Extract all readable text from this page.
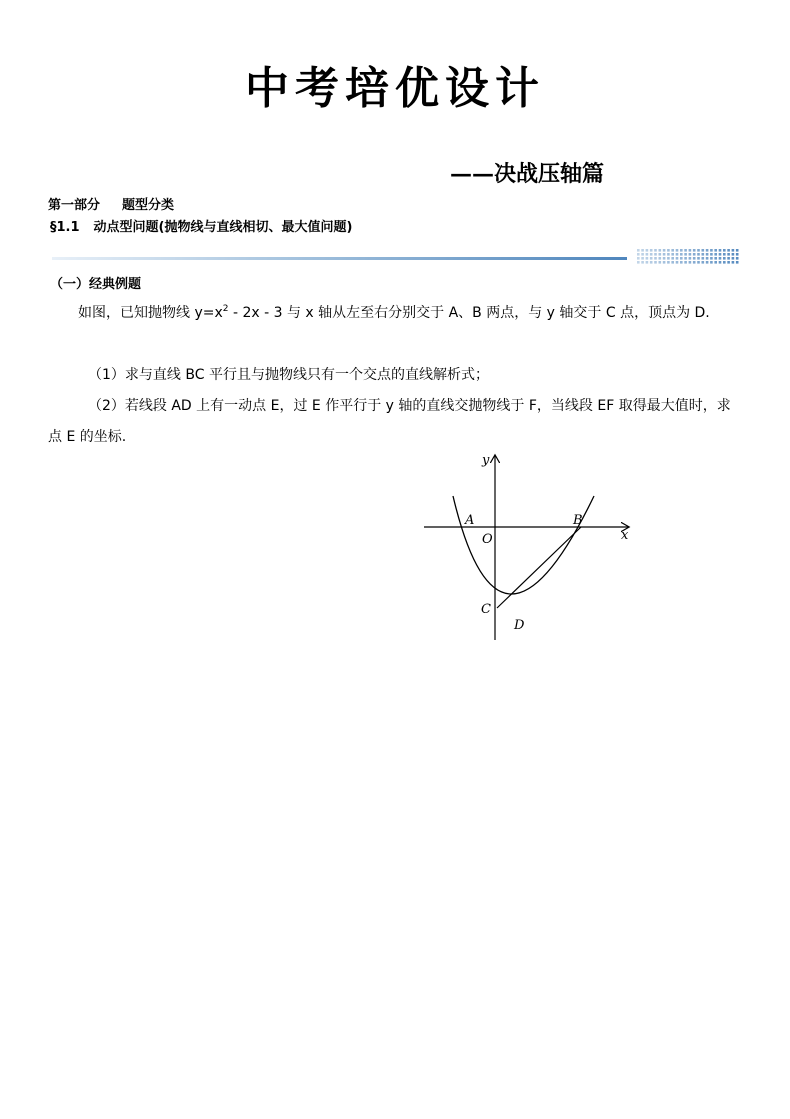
中考培优设计
——决战压轴篇
第一部分 题型分类
§1.1 动点型问题(抛物线与直线相切、最大值问题)
（一）经典例题
如图，已知抛物线 $y=x^2 - 2x - 3$ 与 x 轴从左至右分别交于 A、B 两点，与 y 轴交于 C 点，顶点为 D.
（1）求与直线 BC 平行且与抛物线只有一个交点的直线解析式；
（2）若线段 AD 上有一动点 E，过 E 作平行于 y 轴的直线交抛物线于 F，当线段 EF 取得最大值时，求点 E 的坐标.
y
x
O
A	B
C
D
